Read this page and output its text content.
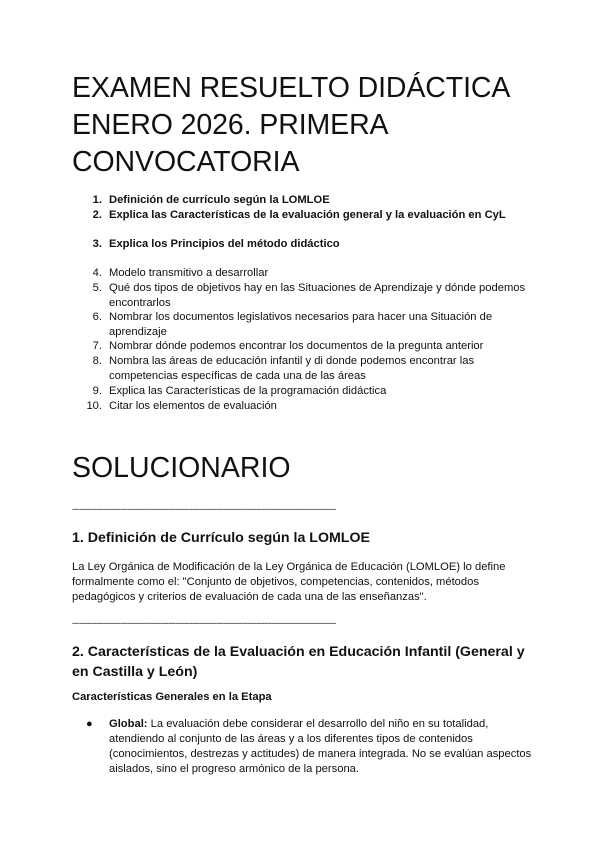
EXAMEN RESUELTO DIDÁCTICA ENERO 2026. PRIMERA CONVOCATORIA
1. Definición de currículo según la LOMLOE
2. Explica las Características de la evaluación general y la evaluación en CyL
3. Explica los Principios del método didáctico
4. Modelo transmitivo a desarrollar
5. Qué dos tipos de objetivos hay en las Situaciones de Aprendizaje y dónde podemos encontrarlos
6. Nombrar los documentos legislativos necesarios para hacer una Situación de aprendizaje
7. Nombrar dónde podemos encontrar los documentos de la pregunta anterior
8. Nombra las áreas de educación infantil y di donde podemos encontrar las competencias específicas de cada una de las áreas
9. Explica las Características de la programación didáctica
10. Citar los elementos de evaluación
SOLUCIONARIO
--------------------------------------------------------------------------------------------------------------
1. Definición de Currículo según la LOMLOE

La Ley Orgánica de Modificación de la Ley Orgánica de Educación (LOMLOE) lo define formalmente como el: "Conjunto de objetivos, competencias, contenidos, métodos pedagógicos y criterios de evaluación de cada una de las enseñanzas".

--------------------------------------------------------------------------------------------------------------
2. Características de la Evaluación en Educación Infantil (General y en Castilla y León)
Características Generales en la Etapa
●	Global: La evaluación debe considerar el desarrollo del niño en su totalidad, atendiendo al conjunto de las áreas y a los diferentes tipos de contenidos (conocimientos, destrezas y actitudes) de manera integrada. No se evalúan aspectos aislados, sino el progreso armónico de la persona.
